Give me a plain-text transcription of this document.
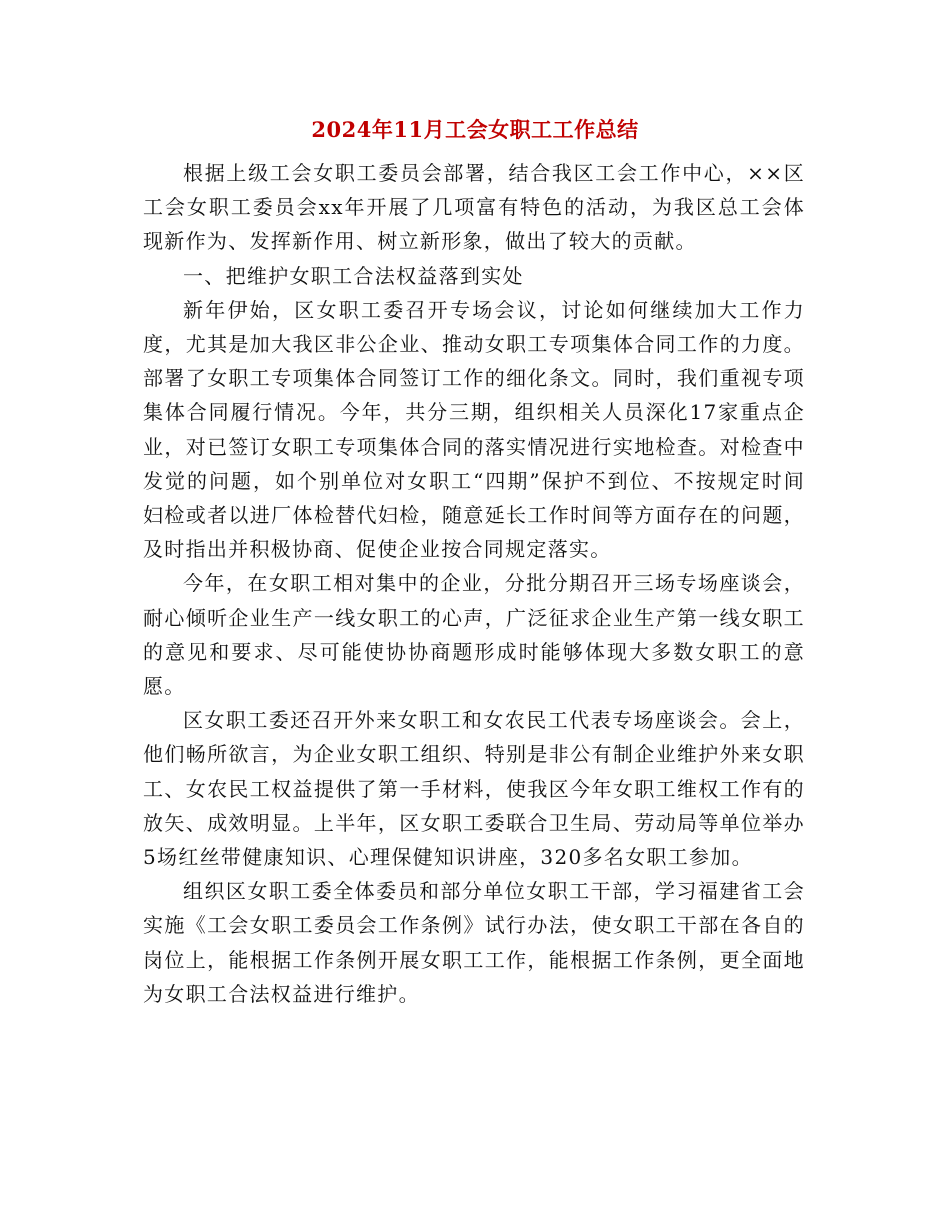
2024年11月工会女职工工作总结

根据上级工会女职工委员会部署，结合我区工会工作中心，××区工会女职工委员会xx年开展了几项富有特色的活动，为我区总工会体现新作为、发挥新作用、树立新形象，做出了较大的贡献。

一、把维护女职工合法权益落到实处

新年伊始，区女职工委召开专场会议，讨论如何继续加大工作力度，尤其是加大我区非公企业、推动女职工专项集体合同工作的力度。部署了女职工专项集体合同签订工作的细化条文。同时，我们重视专项集体合同履行情况。今年，共分三期，组织相关人员深化17家重点企业，对已签订女职工专项集体合同的落实情况进行实地检查。对检查中发觉的问题，如个别单位对女职工“四期”保护不到位、不按规定时间妇检或者以进厂体检替代妇检，随意延长工作时间等方面存在的问题，及时指出并积极协商、促使企业按合同规定落实。

今年，在女职工相对集中的企业，分批分期召开三场专场座谈会，耐心倾听企业生产一线女职工的心声，广泛征求企业生产第一线女职工的意见和要求、尽可能使协协商题形成时能够体现大多数女职工的意愿。

区女职工委还召开外来女职工和女农民工代表专场座谈会。会上，他们畅所欲言，为企业女职工组织、特别是非公有制企业维护外来女职工、女农民工权益提供了第一手材料，使我区今年女职工维权工作有的放矢、成效明显。上半年，区女职工委联合卫生局、劳动局等单位举办5场红丝带健康知识、心理保健知识讲座，320多名女职工参加。

组织区女职工委全体委员和部分单位女职工干部，学习福建省工会实施《工会女职工委员会工作条例》试行办法，使女职工干部在各自的岗位上，能根据工作条例开展女职工工作，能根据工作条例，更全面地为女职工合法权益进行维护。
